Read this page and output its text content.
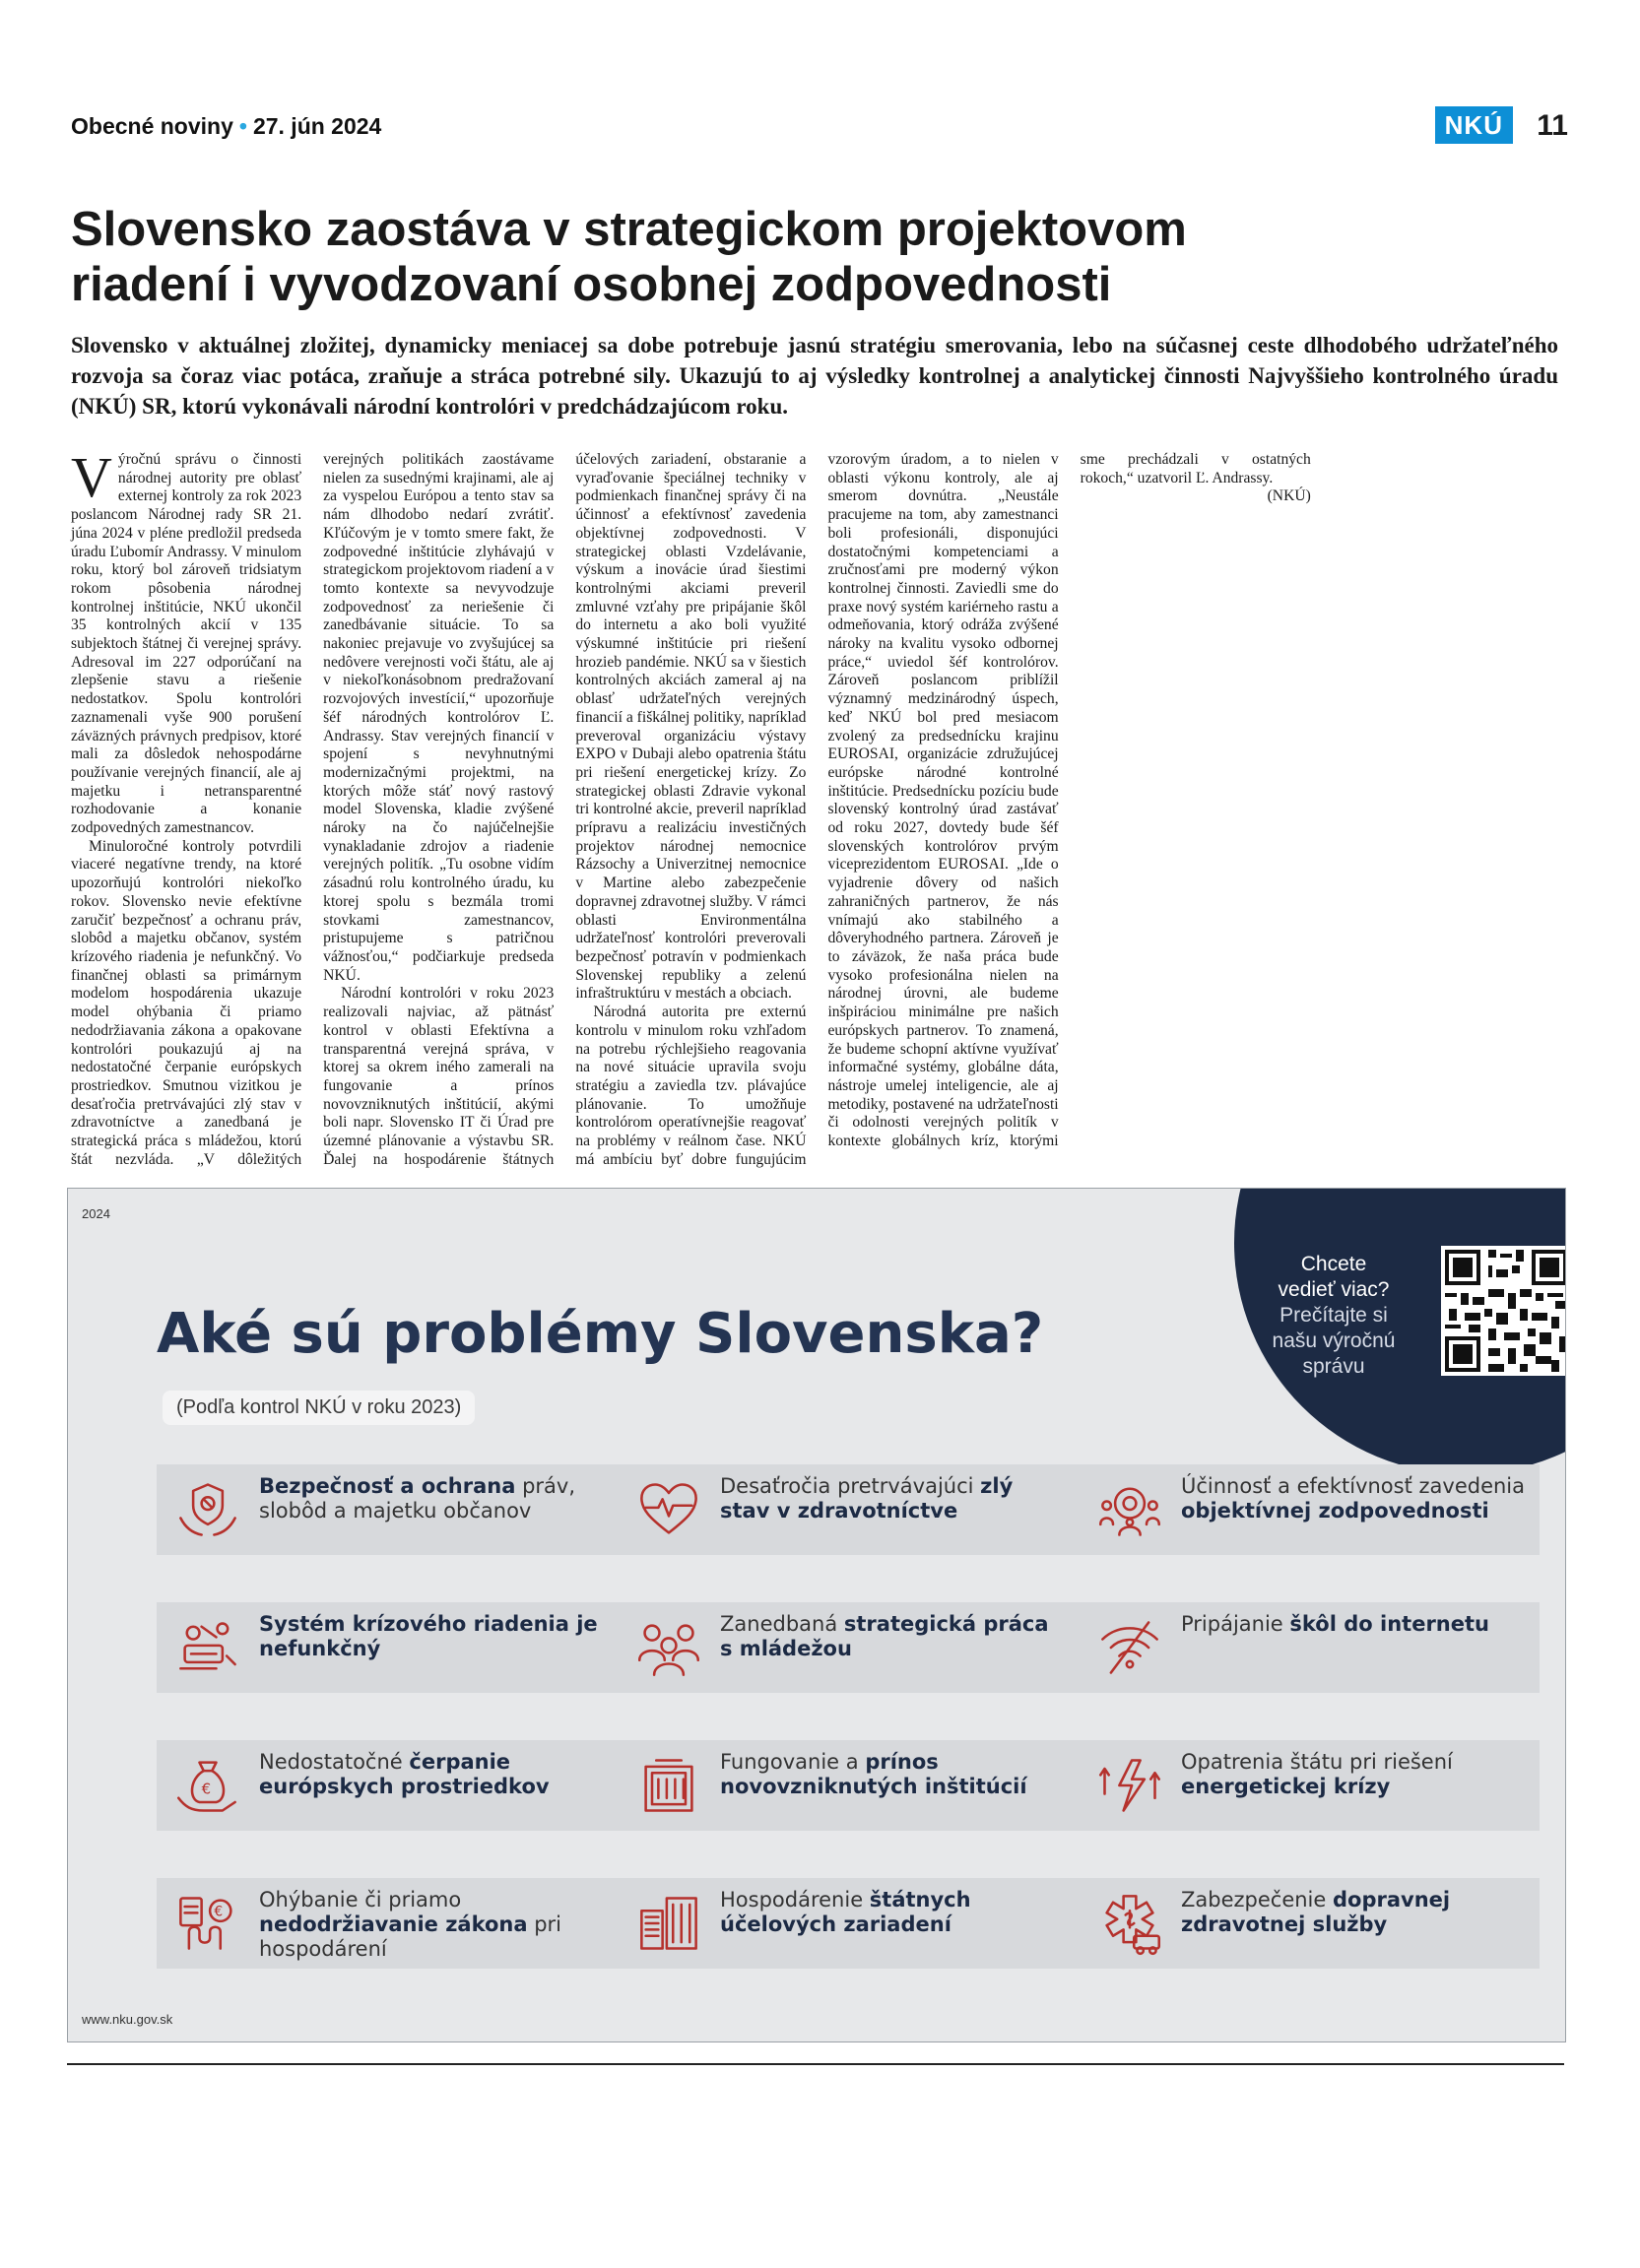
Obecné noviny • 27. jún 2024	NKÚ	11
Slovensko zaostáva v strategickom projektovom
riadení i vyvodzovaní osobnej zodpovednosti

Slovensko v aktuálnej zložitej, dynamicky meniacej sa dobe potrebuje jasnú stratégiu smerovania, lebo na súčasnej ceste dlhodobého udržateľného rozvoja sa čoraz viac potáca, zraňuje a stráca potrebné sily. Ukazujú to aj výsledky kontrolnej a analytickej činnosti Najvyššieho kontrolného úradu (NKÚ) SR, ktorú vykonávali národní kontrolóri v predchádzajúcom roku.

Výročnú správu o činnosti národnej autority pre oblasť externej kontroly za rok 2023 poslancom Národnej rady SR 21. júna 2024 v pléne predložil predseda úradu Ľubomír Andrassy. V minulom roku, ktorý bol zároveň tridsiatym rokom pôsobenia národnej kontrolnej inštitúcie, NKÚ ukončil 35 kontrolných akcií v 135 subjektoch štátnej či verejnej správy. Adresoval im 227 odporúčaní na zlepšenie stavu a riešenie nedostatkov. Spolu kontrolóri zaznamenali vyše 900 porušení záväzných právnych predpisov, ktoré mali za dôsledok nehospodárne používanie verejných financií, ale aj majetku i netransparentné rozhodovanie a konanie zodpovedných zamestnancov.

Minuloročné kontroly potvrdili viaceré negatívne trendy, na ktoré upozorňujú kontrolóri niekoľko rokov. Slovensko nevie efektívne zaručiť bezpečnosť a ochranu práv, slobôd a majetku občanov, systém krízového riadenia je nefunkčný. Vo finančnej oblasti sa primárnym modelom hospodárenia ukazuje model ohýbania či priamo nedodržiavania zákona a opakovane kontrolóri poukazujú aj na nedostatočné čerpanie európskych prostriedkov. Smutnou vizitkou je desaťročia pretrvávajúci zlý stav v zdravotníctve a zanedbaná je strategická práca s mládežou, ktorú štát nezvláda. „V dôležitých verejných politikách zaostávame nielen za susednými krajinami, ale aj za vyspelou Európou a tento stav sa nám dlhodobo nedarí zvrátiť. Kľúčovým je v tomto smere fakt, že zodpovedné inštitúcie zlyhávajú v strategickom projektovom riadení a v tomto kontexte sa nevyvodzuje zodpovednosť za neriešenie či zanedbávanie situácie. To sa nakoniec prejavuje vo zvyšujúcej sa nedôvere verejnosti voči štátu, ale aj v niekoľkonásobnom predražovaní rozvojových investícií,“ upozorňuje šéf národných kontrolórov Ľ. Andrassy. Stav verejných financií v spojení s nevyhnutnými modernizačnými projektmi, na ktorých môže stáť nový rastový model Slovenska, kladie zvýšené nároky na čo najúčelnejšie vynakladanie zdrojov a riadenie verejných politík. „Tu osobne vidím zásadnú rolu kontrolného úradu, ku ktorej spolu s bezmála tromi stovkami zamestnancov, pristupujeme s patričnou vážnosťou,“ podčiarkuje predseda NKÚ.

Národní kontrolóri v roku 2023 realizovali najviac, až pätnásť kontrol v oblasti Efektívna a transparentná verejná správa, v ktorej sa okrem iného zamerali na fungovanie a prínos novovzniknutých inštitúcií, akými boli napr. Slovensko IT či Úrad pre územné plánovanie a výstavbu SR. Ďalej na hospodárenie štátnych účelových zariadení, obstaranie a vyraďovanie špeciálnej techniky v podmienkach finančnej správy či na účinnosť a efektívnosť zavedenia objektívnej zodpovednosti. V strategickej oblasti Vzdelávanie, výskum a inovácie úrad šiestimi kontrolnými akciami preveril zmluvné vzťahy pre pripájanie škôl do internetu a ako boli využité výskumné inštitúcie pri riešení hrozieb pandémie. NKÚ sa v šiestich kontrolných akciách zameral aj na oblasť udržateľných verejných financií a fiškálnej politiky, napríklad preveroval organizáciu výstavy EXPO v Dubaji alebo opatrenia štátu pri riešení energetickej krízy. Zo strategickej oblasti Zdravie vykonal tri kontrolné akcie, preveril napríklad prípravu a realizáciu investičných projektov národnej nemocnice Rázsochy a Univerzitnej nemocnice v Martine alebo zabezpečenie dopravnej zdravotnej služby. V rámci oblasti Environmentálna udržateľnosť kontrolóri preverovali bezpečnosť potravín v podmienkach Slovenskej republiky a zelenú infraštruktúru v mestách a obciach.

Národná autorita pre externú kontrolu v minulom roku vzhľadom na potrebu rýchlejšieho reagovania na nové situácie upravila svoju stratégiu a zaviedla tzv. plávajúce plánovanie. To umožňuje kontrolórom operatívnejšie reagovať na problémy v reálnom čase. NKÚ má ambíciu byť dobre fungujúcim vzorovým úradom, a to nielen v oblasti výkonu kontroly, ale aj smerom dovnútra. „Neustále pracujeme na tom, aby zamestnanci boli profesionáli, disponujúci dostatočnými kompetenciami a zručnosťami pre moderný výkon kontrolnej činnosti. Zaviedli sme do praxe nový systém kariérneho rastu a odmeňovania, ktorý odráža zvýšené nároky na kvalitu vysoko odbornej práce,“ uviedol šéf kontrolórov. Zároveň poslancom priblížil významný medzinárodný úspech, keď NKÚ bol pred mesiacom zvolený za predsednícku krajinu EUROSAI, organizácie združujúcej európske národné kontrolné inštitúcie. Predsednícku pozíciu bude slovenský kontrolný úrad zastávať od roku 2027, dovtedy bude šéf slovenských kontrolórov prvým viceprezidentom EUROSAI. „Ide o vyjadrenie dôvery od našich zahraničných partnerov, že nás vnímajú ako stabilného a dôveryhodného partnera. Zároveň je to záväzok, že naša práca bude vysoko profesionálna nielen na národnej úrovni, ale budeme inšpiráciou minimálne pre našich európskych partnerov. To znamená, že budeme schopní aktívne využívať informačné systémy, globálne dáta, nástroje umelej inteligencie, ale aj metodiky, postavené na udržateľnosti či odolnosti verejných politík v kontexte globálnych kríz, ktorými sme prechádzali v ostatných rokoch,“ uzatvoril Ľ. Andrassy.

(NKÚ)

2024
Chcete
vedieť viac?
Prečítajte si
našu výročnú
správu
Aké sú problémy Slovenska?
(Podľa kontrol NKÚ v roku 2023)
Bezpečnosť a ochrana práv, slobôd a majetku občanov
Desaťročia pretrvávajúci zlý stav v zdravotníctve
Účinnosť a efektívnosť zavedenia objektívnej zodpovednosti
Systém krízového riadenia je nefunkčný
Zanedbaná strategická práca s mládežou
Pripájanie škôl do internetu
€
Nedostatočné čerpanie európskych prostriedkov
Fungovanie a prínos novovzniknutých inštitúcií
Opatrenia štátu pri riešení energetickej krízy
€
Ohýbanie či priamo nedodržiavanie zákona pri hospodárení
Hospodárenie štátnych účelových zariadení
Zabezpečenie dopravnej zdravotnej služby
www.nku.gov.sk
